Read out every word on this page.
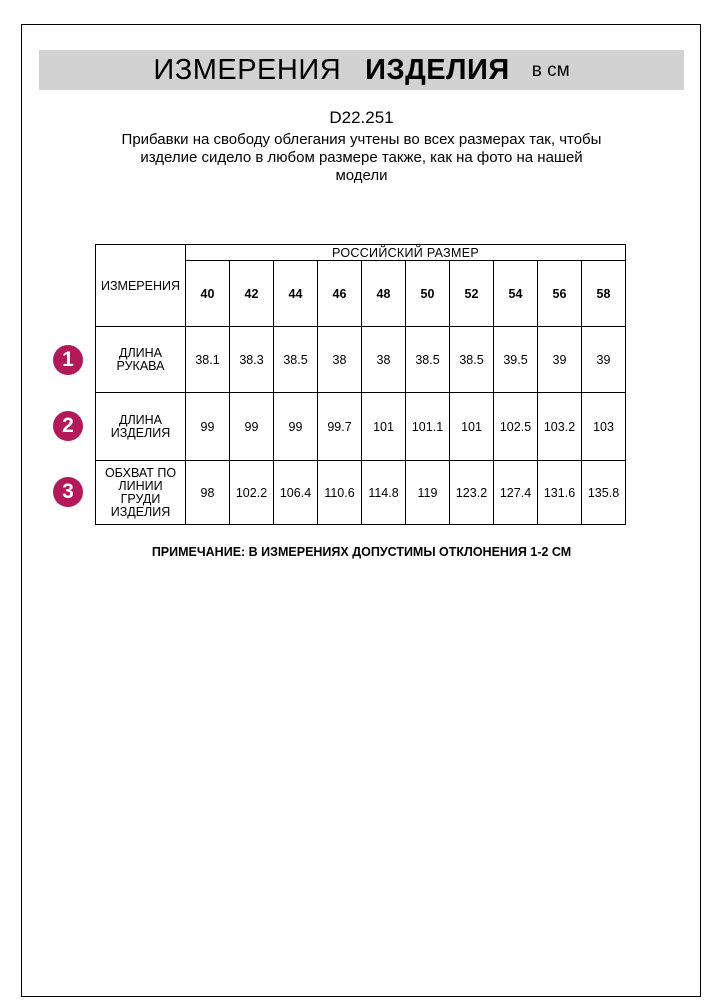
ИЗМЕРЕНИЯ ИЗДЕЛИЯ в см
D22.251
Прибавки на свободу облегания учтены во всех размерах так, чтобы
изделие сидело в любом размере также, как на фото на нашей
модели
ИЗМЕРЕНИЯ	РОССИЙСКИЙ РАЗМЕР									
	40	42	44	46	48	50	52	54	56	58

ДЛИНА
РУКАВА	38.1	38.3	38.5	38	38	38.5	38.5	39.5	39	39

ДЛИНА
ИЗДЕЛИЯ	99	99	99	99.7	101	101.1	101	102.5	103.2	103

ОБХВАТ ПО
ЛИНИИ
ГРУДИ
ИЗДЕЛИЯ	98	102.2	106.4	110.6	114.8	119	123.2	127.4	131.6	135.8
1
2
3
ПРИМЕЧАНИЕ: В ИЗМЕРЕНИЯХ ДОПУСТИМЫ ОТКЛОНЕНИЯ 1-2 СМ
